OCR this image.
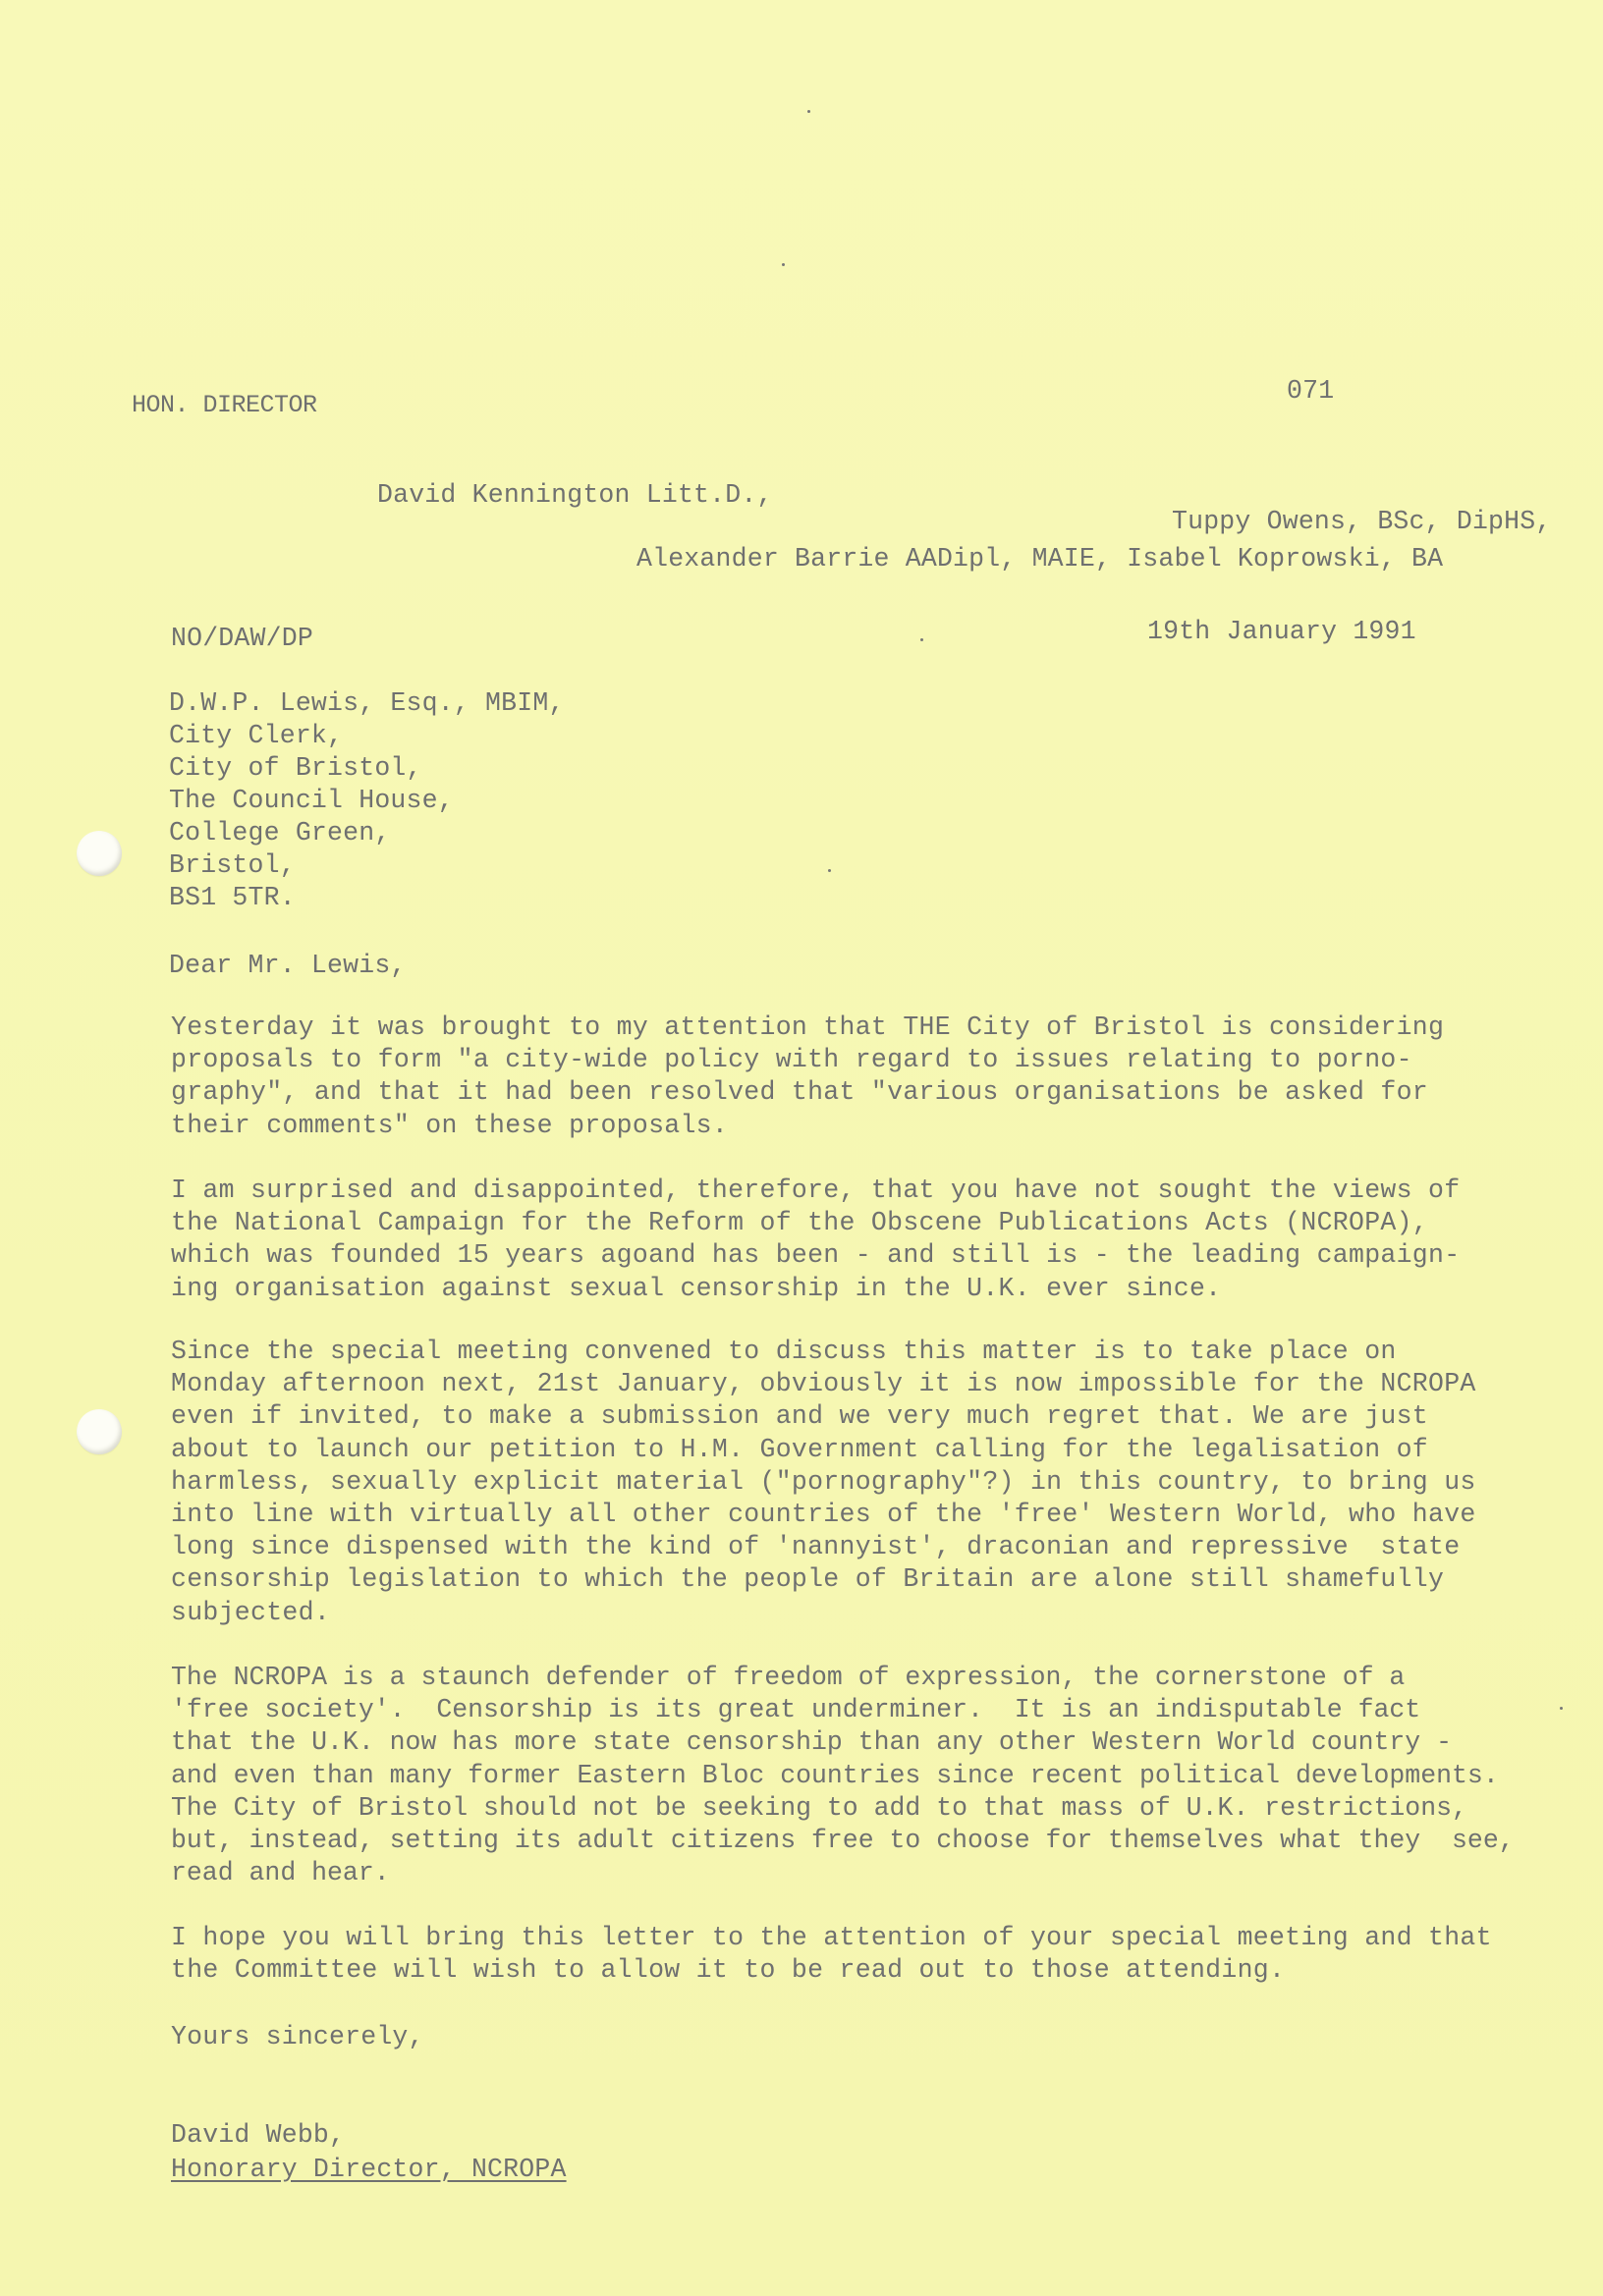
HON. DIRECTOR	071
David Kennington Litt.D.,
Tuppy Owens, BSc, DipHS,
Alexander Barrie AADipl, MAIE, Isabel Koprowski, BA
NO/DAW/DP	19th January 1991
D.W.P. Lewis, Esq., MBIM,
City Clerk,
City of Bristol,
The Council House,
College Green,
Bristol,
BS1 5TR.
Dear Mr. Lewis,
Yesterday it was brought to my attention that THE City of Bristol is considering
proposals to form "a city-wide policy with regard to issues relating to porno-
graphy", and that it had been resolved that "various organisations be asked for
their comments" on these proposals.
I am surprised and disappointed, therefore, that you have not sought the views of
the National Campaign for the Reform of the Obscene Publications Acts (NCROPA),
which was founded 15 years agoand has been - and still is - the leading campaign-
ing organisation against sexual censorship in the U.K. ever since.
Since the special meeting convened to discuss this matter is to take place on
Monday afternoon next, 21st January, obviously it is now impossible for the NCROPA
even if invited, to make a submission and we very much regret that. We are just
about to launch our petition to H.M. Government calling for the legalisation of
harmless, sexually explicit material ("pornography"?) in this country, to bring us
into line with virtually all other countries of the 'free' Western World, who have
long since dispensed with the kind of 'nannyist', draconian and repressive  state
censorship legislation to which the people of Britain are alone still shamefully
subjected.
The NCROPA is a staunch defender of freedom of expression, the cornerstone of a
'free society'.  Censorship is its great underminer.  It is an indisputable fact
that the U.K. now has more state censorship than any other Western World country -
and even than many former Eastern Bloc countries since recent political developments.
The City of Bristol should not be seeking to add to that mass of U.K. restrictions,
but, instead, setting its adult citizens free to choose for themselves what they  see,
read and hear.
I hope you will bring this letter to the attention of your special meeting and that
the Committee will wish to allow it to be read out to those attending.
Yours sincerely,
David Webb,
Honorary Director, NCROPA
